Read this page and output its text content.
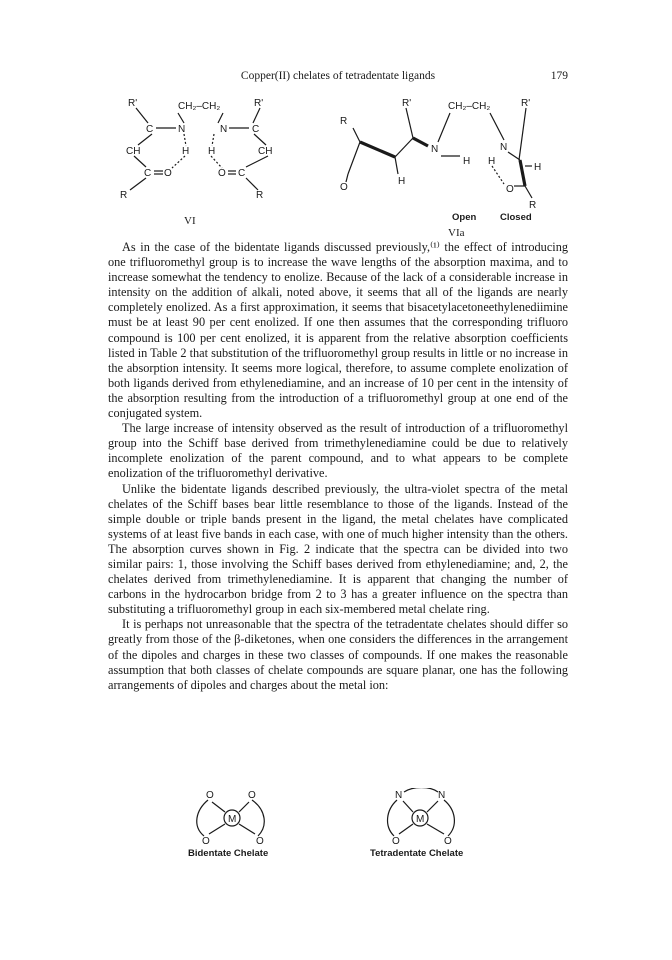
Copper(II) chelates of tetradentate ligands	179
R'	CH₂–CH₂	R'
C N	N C
CH	H H	CH
C O	O C
R	R
VI
R'	CH₂–CH₂	R'
R
N	N
H H
H
O
H
O
R
Open Closed
VIa

As in the case of the bidentate ligands discussed previously,⁽¹⁾ the effect of introducing one trifluoromethyl group is to increase the wave lengths of the absorption maxima, and to increase somewhat the tendency to enolize. Because of the lack of a considerable increase in intensity on the addition of alkali, noted above, it seems that all of the ligands are nearly completely enolized. As a first approximation, it seems that bisacetylacetoneethylenediimine must be at least 90 per cent enolized. If one then assumes that the corresponding trifluoro compound is 100 per cent enolized, it is apparent from the relative absorption coefficients listed in Table 2 that substitution of the trifluoromethyl group results in little or no increase in the absorption intensity. It seems more logical, therefore, to assume complete enolization of both ligands derived from ethylenediamine, and an increase of 10 per cent in the intensity of the absorption resulting from the introduction of a trifluoromethyl group at one end of the conjugated system.

The large increase of intensity observed as the result of introduction of a trifluoromethyl group into the Schiff base derived from trimethylenediamine could be due to relatively incomplete enolization of the parent compound, and to what appears to be complete enolization of the trifluoromethyl derivative.

Unlike the bidentate ligands described previously, the ultra-violet spectra of the metal chelates of the Schiff bases bear little resemblance to those of the ligands. Instead of the simple double or triple bands present in the ligand, the metal chelates have complicated systems of at least five bands in each case, with one of much higher intensity than the others. The absorption curves shown in Fig. 2 indicate that the spectra can be divided into two similar pairs: 1, those involving the Schiff bases derived from ethylenediamine; and, 2, the chelates derived from trimethylenediamine. It is apparent that changing the number of carbons in the hydrocarbon bridge from 2 to 3 has a greater influence on the spectra than substituting a trifluoromethyl group in each six-membered metal chelate ring.

It is perhaps not unreasonable that the spectra of the tetradentate chelates should differ so greatly from those of the β-diketones, when one considers the differences in the arrangement of the dipoles and charges in these two classes of compounds. If one makes the reasonable assumption that both classes of chelate compounds are square planar, one has the following arrangements of dipoles and charges about the metal ion:

O	O
O	O
M
Bidentate Chelate
N	N
O	O
M
Tetradentate Chelate
